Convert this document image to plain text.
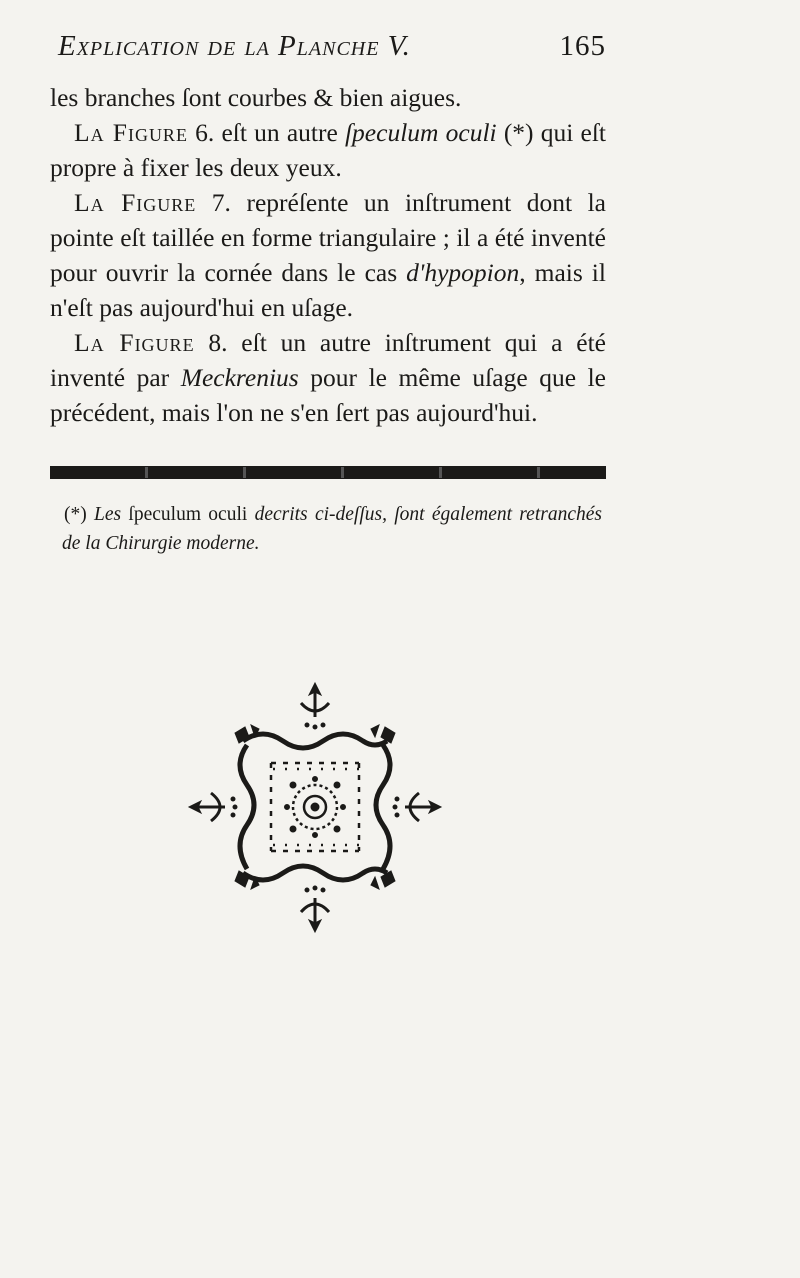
Explication de la Planche V.	165

les branches ſont courbes & bien aigues.

La Figure 6. eſt un autre ſpeculum oculi (*) qui eſt propre à fixer les deux yeux.

La Figure 7. repréſente un inſtrument dont la pointe eſt taillée en forme triangulaire ; il a été inventé pour ouvrir la cornée dans le cas d'hypopion, mais il n'eſt pas aujourd'hui en uſage.

La Figure 8. eſt un autre inſtrument qui a été inventé par Meckrenius pour le même uſage que le précédent, mais l'on ne s'en ſert pas aujourd'hui.

(*) Les ſpeculum oculi decrits ci-deſſus, ſont également retranchés de la Chirurgie moderne.
